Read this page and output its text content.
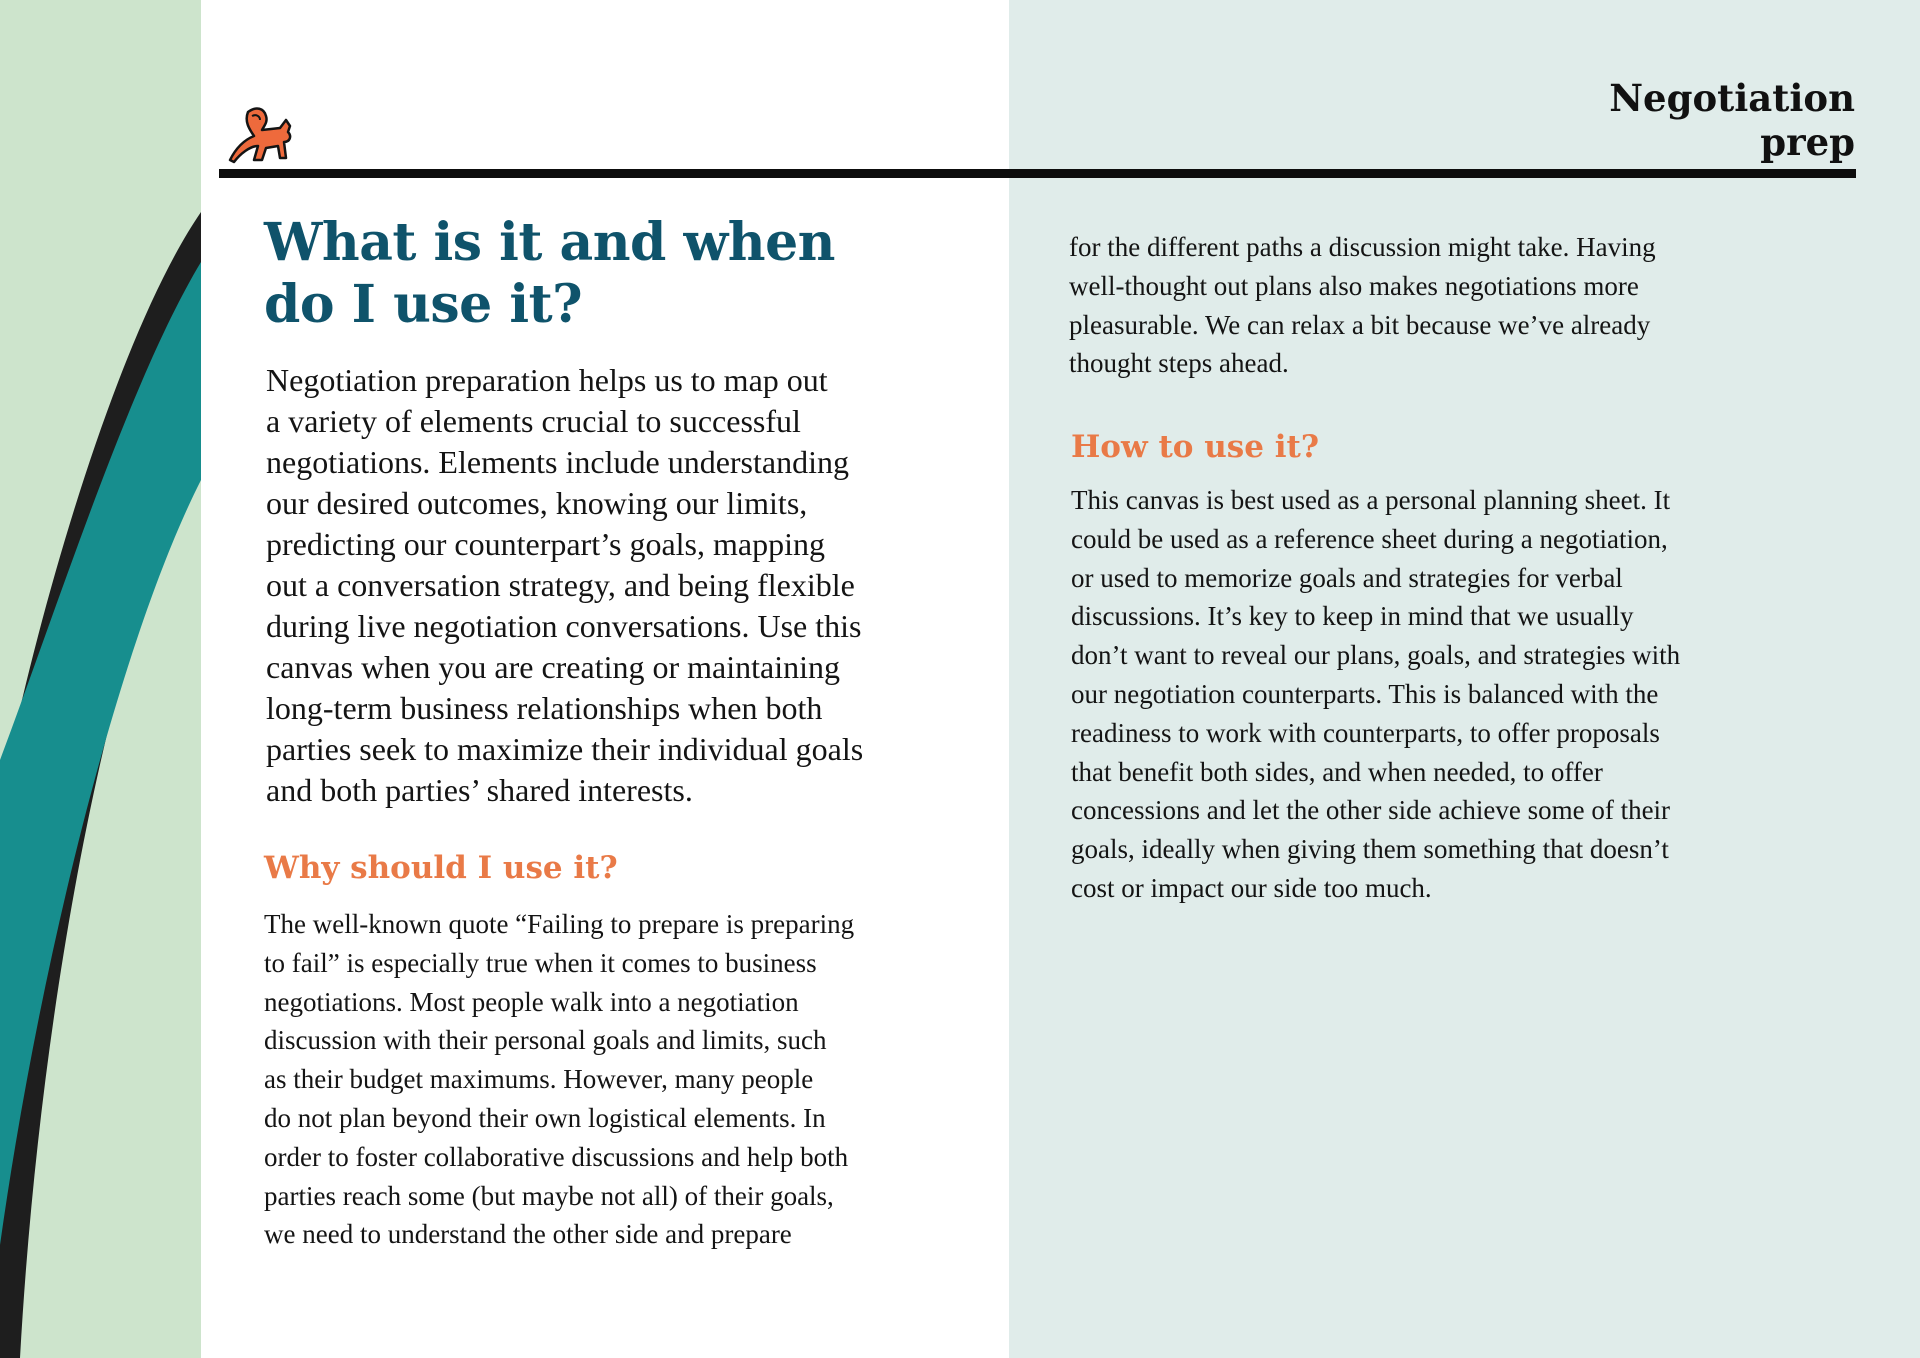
Negotiation
prep
What is it and when
do I use it?
Negotiation preparation helps us to map out
a variety of elements crucial to successful
negotiations. Elements include understanding
our desired outcomes, knowing our limits,
predicting our counterpart’s goals, mapping
out a conversation strategy, and being flexible
during live negotiation conversations. Use this
canvas when you are creating or maintaining
long-term business relationships when both
parties seek to maximize their individual goals
and both parties’ shared interests.
Why should I use it?
The well-known quote “Failing to prepare is preparing
to fail” is especially true when it comes to business
negotiations. Most people walk into a negotiation
discussion with their personal goals and limits, such
as their budget maximums. However, many people
do not plan beyond their own logistical elements. In
order to foster collaborative discussions and help both
parties reach some (but maybe not all) of their goals,
we need to understand the other side and prepare
for the different paths a discussion might take. Having
well-thought out plans also makes negotiations more
pleasurable. We can relax a bit because we’ve already
thought steps ahead.
How to use it?
This canvas is best used as a personal planning sheet. It
could be used as a reference sheet during a negotiation,
or used to memorize goals and strategies for verbal
discussions. It’s key to keep in mind that we usually
don’t want to reveal our plans, goals, and strategies with
our negotiation counterparts. This is balanced with the
readiness to work with counterparts, to offer proposals
that benefit both sides, and when needed, to offer
concessions and let the other side achieve some of their
goals, ideally when giving them something that doesn’t
cost or impact our side too much.
